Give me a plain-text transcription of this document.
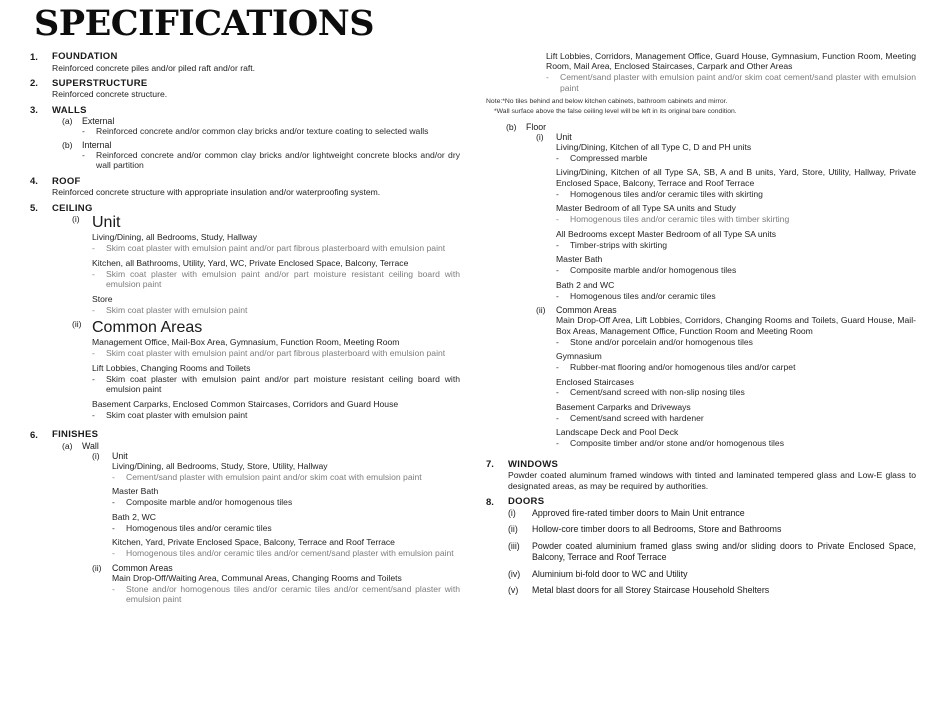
SPECIFICATIONS
1.	FOUNDATION
Reinforced concrete piles and/or piled raft and/or raft.
2.	SUPERSTRUCTURE
Reinforced concrete structure.
3.	WALLS
(a)	External
-	Reinforced concrete and/or common clay bricks and/or texture coating to selected walls
(b)	Internal
-	Reinforced concrete and/or common clay bricks and/or lightweight concrete blocks and/or dry wall partition
4.	ROOF
Reinforced concrete structure with appropriate insulation and/or waterproofing system.
5.	CEILING
(i) Unit
Living/Dining, all Bedrooms, Study, Hallway
-	Skim coat plaster with emulsion paint and/or part fibrous plasterboard with emulsion paint
Kitchen, all Bathrooms, Utility, Yard, WC, Private Enclosed Space, Balcony, Terrace
-	Skim coat plaster with emulsion paint and/or part moisture resistant ceiling board with emulsion paint
Store
-	Skim coat plaster with emulsion paint
(ii) Common Areas
Management Office, Mail-Box Area, Gymnasium, Function Room, Meeting Room
-	Skim coat plaster with emulsion paint and/or part fibrous plasterboard with emulsion paint
Lift Lobbies, Changing Rooms and Toilets
-	Skim coat plaster with emulsion paint and/or part moisture resistant ceiling board with emulsion paint
Basement Carparks, Enclosed Common Staircases, Corridors and Guard House
-	Skim coat plaster with emulsion paint
6.	FINISHES
(a)	Wall
(i)	Unit
Living/Dining, all Bedrooms, Study, Store, Utility, Hallway
-	Cement/sand plaster with emulsion paint and/or skim coat with emulsion paint
Master Bath
-	Composite marble and/or homogenous tiles
Bath 2, WC
-	Homogenous tiles and/or ceramic tiles
Kitchen, Yard, Private Enclosed Space, Balcony, Terrace and Roof Terrace
-	Homogenous tiles and/or ceramic tiles and/or cement/sand plaster with emulsion paint
(ii)	Common Areas
Main Drop-Off/Waiting Area, Communal Areas, Changing Rooms and Toilets
-	Stone and/or homogenous tiles and/or ceramic tiles and/or cement/sand plaster with emulsion paint
Lift Lobbies, Corridors, Management Office, Guard House, Gymnasium, Function Room, Meeting Room, Mail Area, Enclosed Staircases, Carpark and Other Areas
-	Cement/sand plaster with emulsion paint and/or skim coat cement/sand plaster with emulsion paint
Note:*No tiles behind and below kitchen cabinets, bathroom cabinets and mirror.
*Wall surface above the false ceiling level will be left in its original bare condition.
(b)	Floor
(i)	Unit
Living/Dining, Kitchen of all Type C, D and PH units
-	Compressed marble
Living/Dining, Kitchen of all Type SA, SB, A and B units, Yard, Store, Utility, Hallway, Private Enclosed Space, Balcony, Terrace and Roof Terrace
-	Homogenous tiles and/or ceramic tiles with skirting
Master Bedroom of all Type SA units and Study
-	Homogenous tiles and/or ceramic tiles with timber skirting
All Bedrooms except Master Bedroom of all Type SA units
-	Timber-strips with skirting
Master Bath
-	Composite marble and/or homogenous tiles
Bath 2 and WC
-	Homogenous tiles and/or ceramic tiles
(ii)	Common Areas
Main Drop-Off Area, Lift Lobbies, Corridors, Changing Rooms and Toilets, Guard House, Mail-Box Areas, Management Office, Function Room and Meeting Room
-	Stone and/or porcelain and/or homogenous tiles
Gymnasium
-	Rubber-mat flooring and/or homogenous tiles and/or carpet
Enclosed Staircases
-	Cement/sand screed with non-slip nosing tiles
Basement Carparks and Driveways
-	Cement/sand screed with hardener
Landscape Deck and Pool Deck
-	Composite timber and/or stone and/or homogenous tiles
7.	WINDOWS
Powder coated aluminum framed windows with tinted and laminated tempered glass and Low-E glass to designated areas, as may be required by authorities.
8.	DOORS
(i)	Approved fire-rated timber doors to Main Unit entrance
(ii)	Hollow-core timber doors to all Bedrooms, Store and Bathrooms
(iii)	Powder coated aluminium framed glass swing and/or sliding doors to Private Enclosed Space, Balcony, Terrace and Roof Terrace
(iv)	Aluminium bi-fold door to WC and Utility
(v)	Metal blast doors for all Storey Staircase Household Shelters
